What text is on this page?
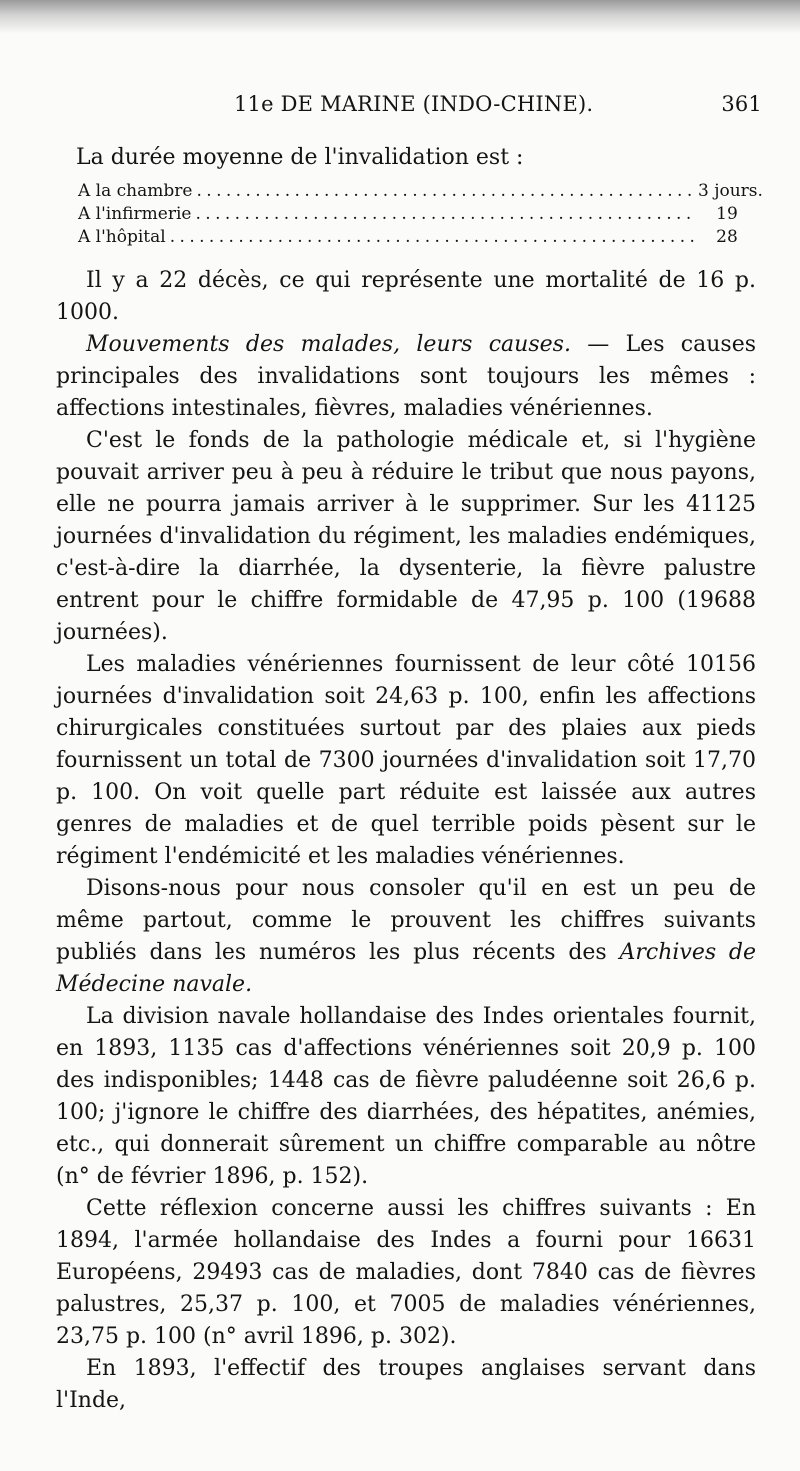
11e DE MARINE (INDO-CHINE).	361

La durée moyenne de l'invalidation est :

A la chambre . . .	3 jours.
A l'infirmerie . . .	19
A l'hôpital . . .	28

Il y a 22 décès, ce qui représente une mortalité de 16 p. 1000.

Mouvements des malades, leurs causes. — Les causes principales des invalidations sont toujours les mêmes : affections intestinales, fièvres, maladies vénériennes.

C'est le fonds de la pathologie médicale et, si l'hygiène pouvait arriver peu à peu à réduire le tribut que nous payons, elle ne pourra jamais arriver à le supprimer. Sur les 41125 journées d'invalidation du régiment, les maladies endémiques, c'est-à-dire la diarrhée, la dysenterie, la fièvre palustre entrent pour le chiffre formidable de 47,95 p. 100 (19688 journées).

Les maladies vénériennes fournissent de leur côté 10156 journées d'invalidation soit 24,63 p. 100, enfin les affections chirurgicales constituées surtout par des plaies aux pieds fournissent un total de 7300 journées d'invalidation soit 17,70 p. 100. On voit quelle part réduite est laissée aux autres genres de maladies et de quel terrible poids pèsent sur le régiment l'endémicité et les maladies vénériennes.

Disons-nous pour nous consoler qu'il en est un peu de même partout, comme le prouvent les chiffres suivants publiés dans les numéros les plus récents des Archives de Médecine navale.

La division navale hollandaise des Indes orientales fournit, en 1893, 1135 cas d'affections vénériennes soit 20,9 p. 100 des indisponibles; 1448 cas de fièvre paludéenne soit 26,6 p. 100; j'ignore le chiffre des diarrhées, des hépatites, anémies, etc., qui donnerait sûrement un chiffre comparable au nôtre (n° de février 1896, p. 152).

Cette réflexion concerne aussi les chiffres suivants : En 1894, l'armée hollandaise des Indes a fourni pour 16631 Européens, 29493 cas de maladies, dont 7840 cas de fièvres palustres, 25,37 p. 100, et 7005 de maladies vénériennes, 23,75 p. 100 (n° avril 1896, p. 302).

En 1893, l'effectif des troupes anglaises servant dans l'Inde,
